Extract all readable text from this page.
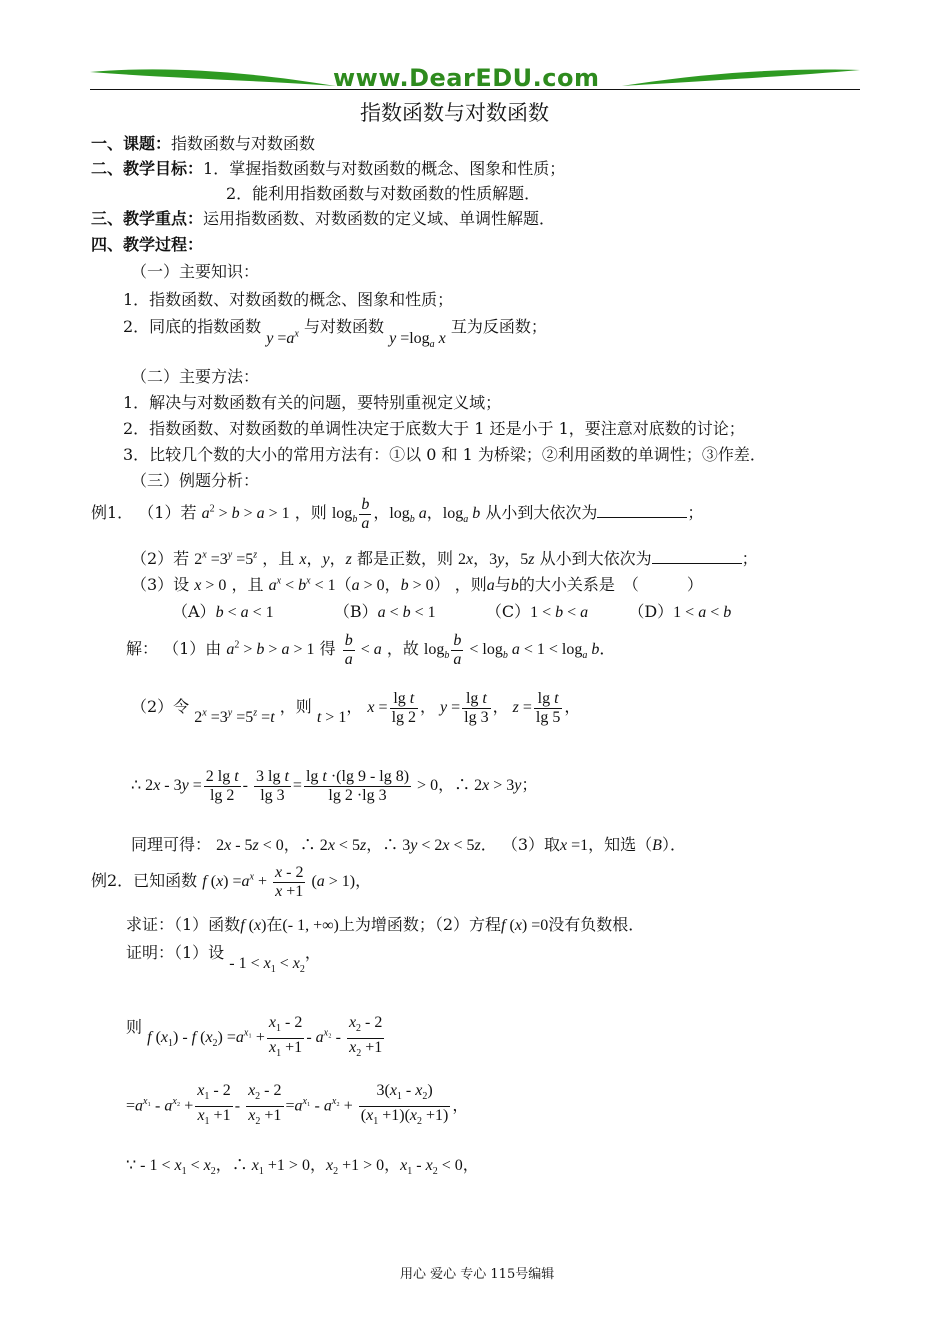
www.DearEDU.com
指数函数与对数函数
一、课题：指数函数与对数函数
二、教学目标：1．掌握指数函数与对数函数的概念、图象和性质；
2．能利用指数函数与对数函数的性质解题．
三、教学重点：运用指数函数、对数函数的定义域、单调性解题．
四、教学过程：
（一）主要知识：
1．指数函数、对数函数的概念、图象和性质；
2．同底的指数函数 $y =a^x$ 与对数函数 $y =\log_a$ x 互为反函数；
（二）主要方法：
1．解决与对数函数有关的问题，要特别重视定义域；
2．指数函数、对数函数的单调性决定于底数大于 1 还是小于 1，要注意对底数的讨论；
3．比较几个数的大小的常用方法有：①以 0 和 1 为桥梁；②利用函数的单调性；③作差．
（三）例题分析：
例1． （1）若 $a^2 > b > a > 1$ ，则 $\log_b \frac{b}{a}$ ，$\log_b a$，$\log_a b$ 从小到大依次为	；
（2）若 $2^x =3^y =5^z$ ，且 x，y，z 都是正数，则 2x，3y，5z 从小到大依次为	；
（3）设 x > 0 ，且 $a^x < b^x < 1(a > 0$，b > 0） ，则a与b的大小关系是　（　　　）
（A）b < a < 1	（B）a < b < 1	（C）1 < b < a	（D）1 < a < b
解： （1）由 $a^2 > b > a > 1$ 得 $\frac{b}{a} < a$ ，故 $\log_b \frac{b}{a} < \log_b a < 1 < \log_a b$．
（2）令 $2^x =3^y =5^z =t$ ，则 t > 1， $x = \frac{\text{lg t}}{\lg 2}$ ， $y = \frac{\text{lg t}}{\lg 3}$ ， $z = \frac{\text{lg t}}{\lg 5}$ ，
∴ $2x - 3y = \frac{\text{2 lg t}}{\lg 2} - \frac{\text{3 lg t}}{\lg 3} = \frac{\text{lg t ·(lg 9 - lg 8)}}{\lg 2 \cdot\lg 3} > 0$，∴ 2x > 3y；
同理可得： 2x - 5z < 0，∴ 2x < 5z，∴ 3y < 2x < 5z． （3）取x =1，知选（B）．
例2．已知函数 f $(x) =a^x + \frac{x - 2}{x +1} (a > 1)$，
求证：（1）函数f (x)在(- 1, +∞)上为增函数；（2）方程f (x) =0没有负数根．
证明：（1）设 - $1 < x_1 < x_2$，
则 f $(x_1)$ - f $(x_2) =a^{x_1} + \frac{x_1 - 2}{x_1 +1} - a^{x_2} - \frac{x_2 - 2}{x_2 +1}$
$=a^{x_1} - a^{x_2} + \frac{x_1 - 2}{x_1 +1} - \frac{x_2 - 2}{x_2 +1} =a^{x_1} - a^{x_2} + \frac{3(x_1 - x_2)}{(x_1 +1)(x_2 +1)}$ ，
∵ - $1 < x_1 < x_2$，∴ $x_1 +1 > 0$，$x_2 +1 > 0$，$x_1 - x_2 < 0$，
用心 爱心 专心 115号编辑
